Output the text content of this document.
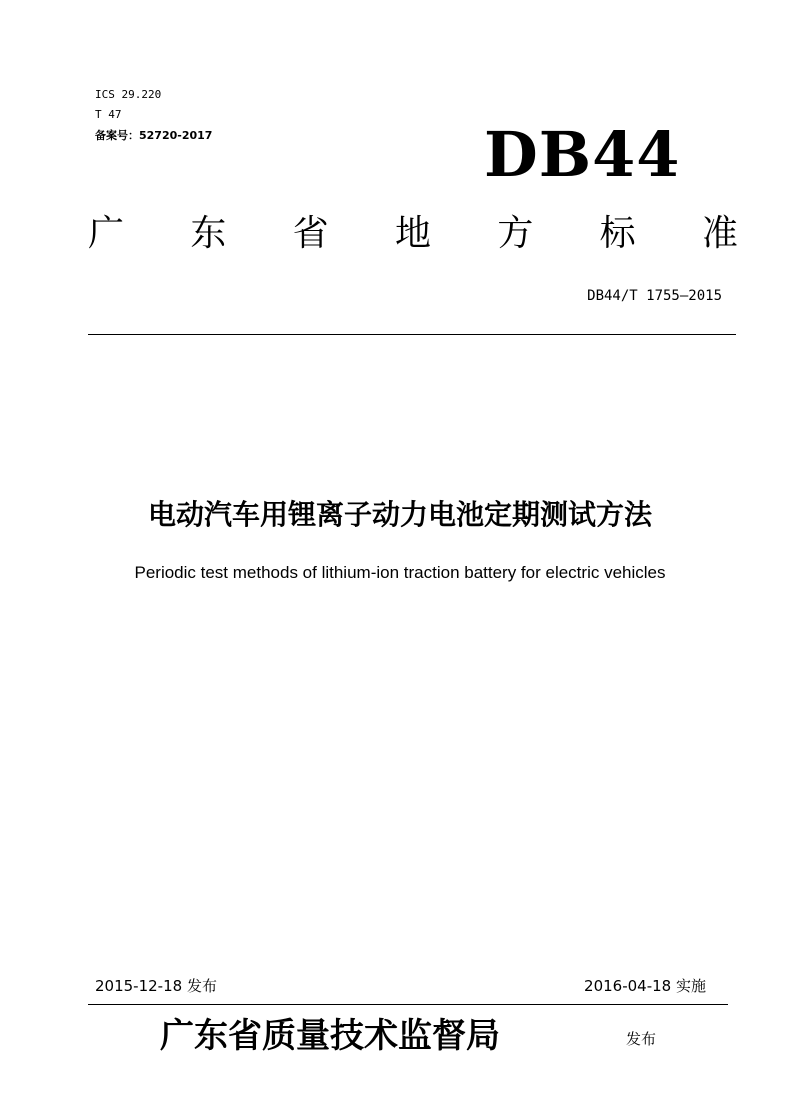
ICS 29.220
T 47
备案号：52720-2017	DB44
广 东 省 地 方 标 准
DB44/T 1755—2015
电动汽车用锂离子动力电池定期测试方法
Periodic test methods of lithium-ion traction battery for electric vehicles
2015-12-18 发布	2016-04-18 实施
广东省质量技术监督局	发布
